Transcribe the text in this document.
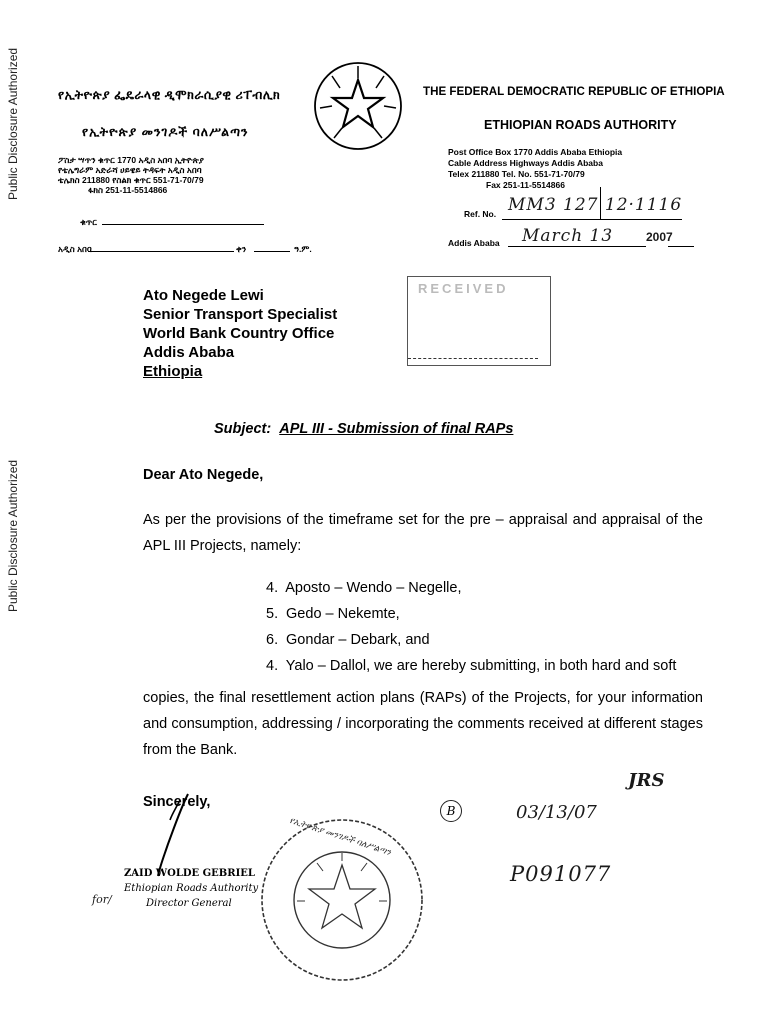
Public Disclosure Authorized
Public Disclosure Authorized
የኢትዮጵያ ፌዴራላዊ ዲሞክራሲያዊ ሪፐብሊክ
የኢትዮጵያ መንገዶች ባለሥልጣን
ፖስታ ሣጥን ቁጥር 1770 አዲስ አበባ ኢትዮጵያ
የቴሌግራም አድራሻ ሀይዌይ ትዳፍት አዲስ አበባ
ቴሌክስ 211880 የስልክ ቁጥር 551-71-70/79
ፋክስ 251-11-5514866
ቁጥር
አዲስ አበባ	ቀን	ዓ.ም.
THE FEDERAL DEMOCRATIC REPUBLIC OF ETHIOPIA
ETHIOPIAN ROADS AUTHORITY
Post Office Box 1770 Addis Ababa Ethiopia
Cable Address Highways Addis Ababa
Telex 211880 Tel. No. 551-71-70/79
Fax 251-11-5514866
Ref. No. MM3 127 12·1116
Addis Ababa March 13	2007
Ato Negede Lewi
Senior Transport Specialist
World Bank Country Office
Addis Ababa
Ethiopia
RECEIVED
Subject: APL III - Submission of final RAPs
Dear Ato Negede,
As per the provisions of the timeframe set for the pre – appraisal and appraisal of the APL III Projects, namely:
4. Aposto – Wendo – Negelle,
5. Gedo – Nekemte,
6. Gondar – Debark, and
4. Yalo – Dallol, we are hereby submitting, in both hard and soft
copies, the final resettlement action plans (RAPs) of the Projects, for your information and consumption, addressing / incorporating the comments received at different stages from the Bank.
Sincerely,
ZAID WOLDE GEBRIEL
Ethiopian Roads Authority
Director General
for/
የኢትዮጵያ መንገዶች ባለሥልጣን
JRS
B	03/13/07
P091077
